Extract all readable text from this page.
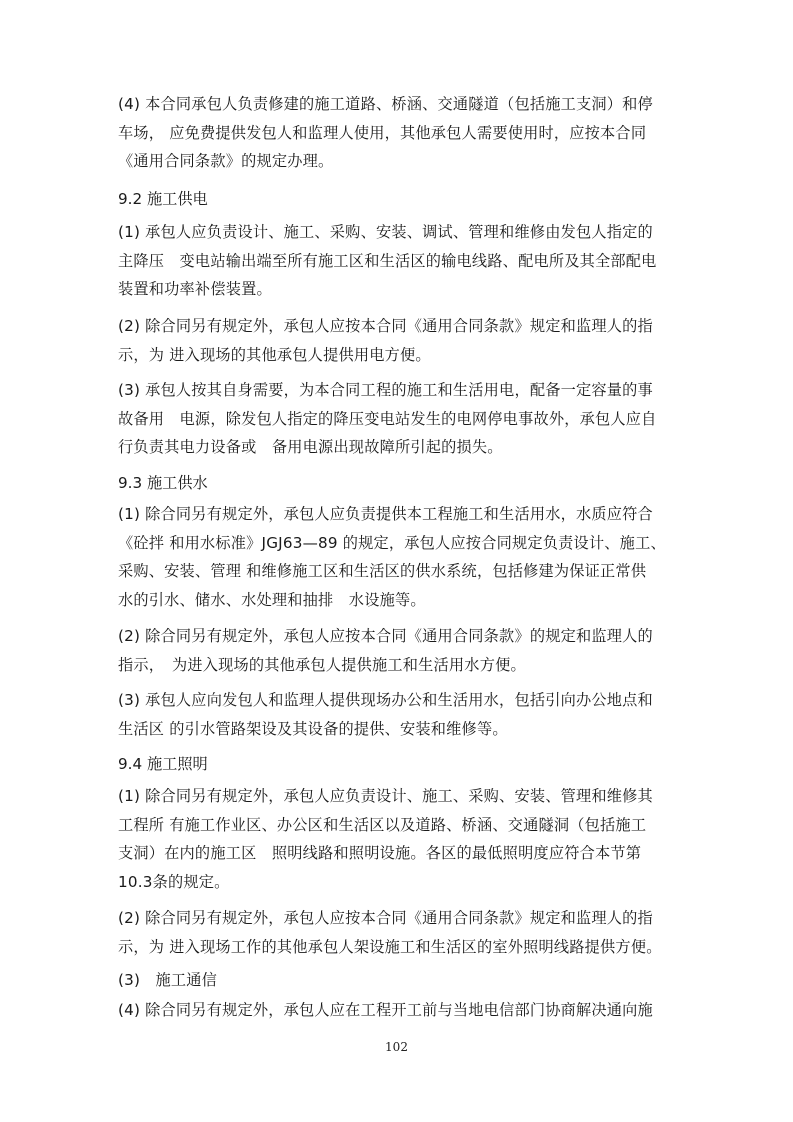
(4) 本合同承包人负责修建的施工道路、桥涵、交通隧道（包括施工支洞）和停
车场， 应免费提供发包人和监理人使用，其他承包人需要使用时，应按本合同
《通用合同条款》的规定办理。
9.2 施工供电
(1) 承包人应负责设计、施工、采购、安装、调试、管理和维修由发包人指定的
主降压　变电站输出端至所有施工区和生活区的输电线路、配电所及其全部配电
装置和功率补偿装置。
(2) 除合同另有规定外，承包人应按本合同《通用合同条款》规定和监理人的指
示，为 进入现场的其他承包人提供用电方便。
(3) 承包人按其自身需要，为本合同工程的施工和生活用电，配备一定容量的事
故备用　电源，除发包人指定的降压变电站发生的电网停电事故外，承包人应自
行负责其电力设备或　备用电源出现故障所引起的损失。
9.3 施工供水
(1) 除合同另有规定外，承包人应负责提供本工程施工和生活用水，水质应符合
《砼拌 和用水标准》JGJ63—89 的规定，承包人应按合同规定负责设计、施工、
采购、安装、管理 和维修施工区和生活区的供水系统，包括修建为保证正常供
水的引水、储水、水处理和抽排　水设施等。
(2) 除合同另有规定外，承包人应按本合同《通用合同条款》的规定和监理人的
指示，　为进入现场的其他承包人提供施工和生活用水方便。
(3) 承包人应向发包人和监理人提供现场办公和生活用水，包括引向办公地点和
生活区 的引水管路架设及其设备的提供、安装和维修等。
9.4 施工照明
(1) 除合同另有规定外，承包人应负责设计、施工、采购、安装、管理和维修其
工程所 有施工作业区、办公区和生活区以及道路、桥涵、交通隧洞（包括施工
支洞）在内的施工区　照明线路和照明设施。各区的最低照明度应符合本节第
10.3条的规定。
(2) 除合同另有规定外，承包人应按本合同《通用合同条款》规定和监理人的指
示，为 进入现场工作的其他承包人架设施工和生活区的室外照明线路提供方便。
(3)　施工通信
(4) 除合同另有规定外，承包人应在工程开工前与当地电信部门协商解决通向施
102
